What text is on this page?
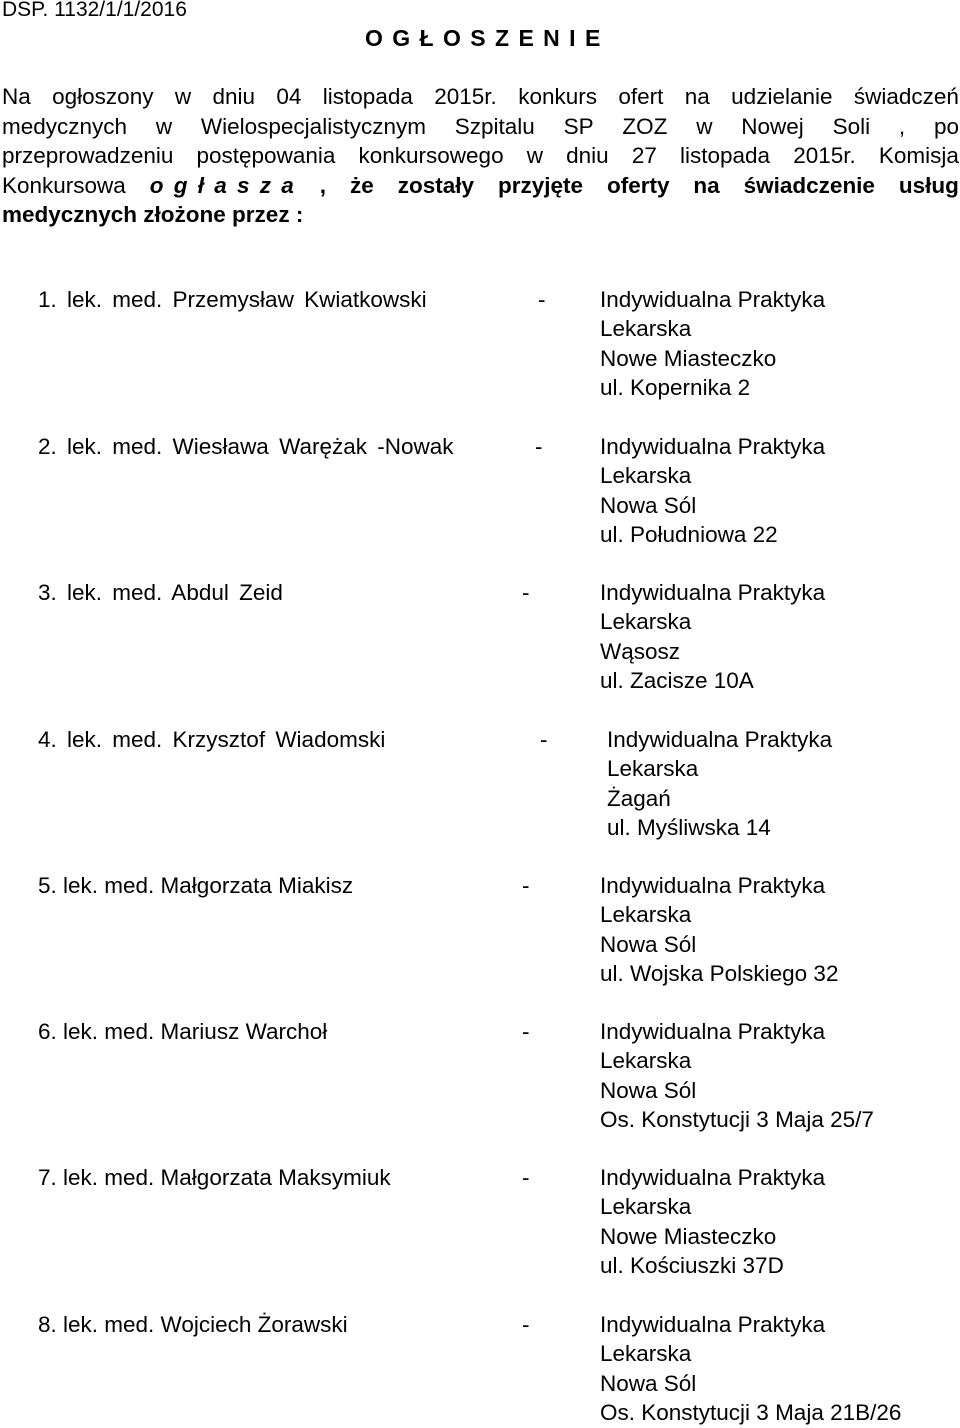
DSP. 1132/1/1/2016
O G Ł O S Z E N I E
Na ogłoszony w dniu 04 listopada 2015r. konkurs ofert na udzielanie świadczeń
medycznych w Wielospecjalistycznym Szpitalu SP ZOZ w Nowej Soli , po
przeprowadzeniu postępowania konkursowego w dniu 27 listopada 2015r. Komisja
Konkursowa o g ł a s z a , że zostały przyjęte oferty na świadczenie usług
medycznych złożone przez :
1. lek. med. Przemysław Kwiatkowski	- Indywidualna Praktyka
Lekarska
Nowe Miasteczko
ul. Kopernika 2
2. lek. med. Wiesława Warężak -Nowak	-	Indywidualna Praktyka
Lekarska
Nowa Sól
ul. Południowa 22
3. lek. med. Abdul Zeid	-	Indywidualna Praktyka
Lekarska
Wąsosz
ul. Zacisze 10A
4. lek. med. Krzysztof Wiadomski	-	Indywidualna Praktyka
Lekarska
Żagań
ul. Myśliwska 14
5. lek. med. Małgorzata Miakisz	-	Indywidualna Praktyka
Lekarska
Nowa Sól
ul. Wojska Polskiego 32
6. lek. med. Mariusz Warchoł	-	Indywidualna Praktyka
Lekarska
Nowa Sól
Os. Konstytucji 3 Maja 25/7
7. lek. med. Małgorzata Maksymiuk	-	Indywidualna Praktyka
Lekarska
Nowe Miasteczko
ul. Kościuszki 37D
8. lek. med. Wojciech Żorawski	-	Indywidualna Praktyka
Lekarska
Nowa Sól
Os. Konstytucji 3 Maja 21B/26
